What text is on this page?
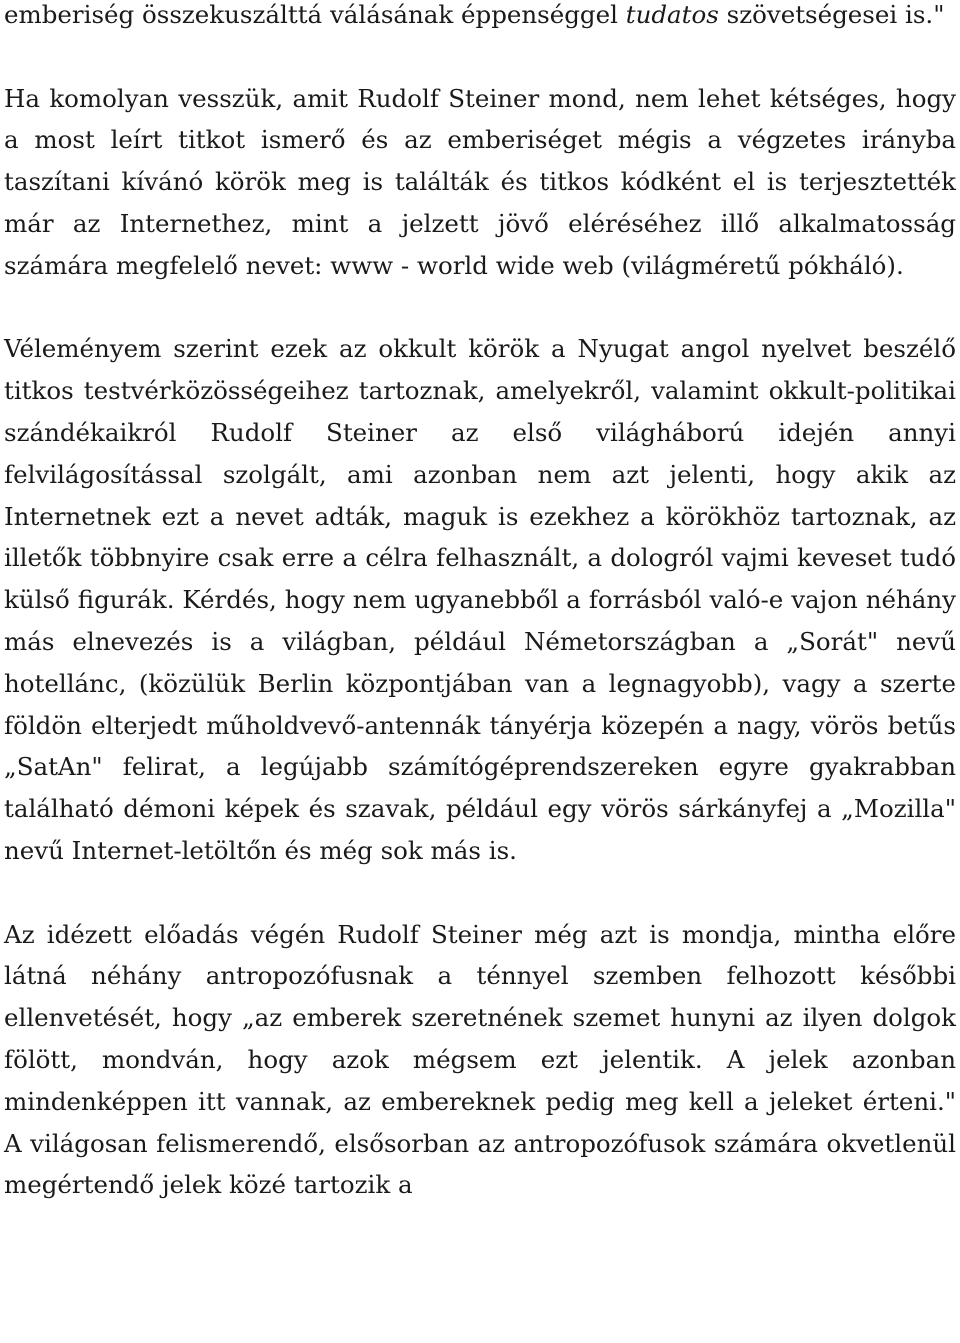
emberiség összekuszálttá válásának éppenséggel tudatos szövetségesei is."

Ha komolyan vesszük, amit Rudolf Steiner mond, nem lehet kétséges, hogy a most leírt titkot ismerő és az emberiséget mégis a végzetes irányba taszítani kívánó körök meg is találták és titkos kódként el is terjesztették már az Internethez, mint a jelzett jövő eléréséhez illő alkalmatosság számára megfelelő nevet: www - world wide web (világméretű pókháló).

Véleményem szerint ezek az okkult körök a Nyugat angol nyelvet beszélő titkos testvérközösségeihez tartoznak, amelyekről, valamint okkult-politikai szándékaikról Rudolf Steiner az első világháború idején annyi felvilágosítással szolgált, ami azonban nem azt jelenti, hogy akik az Internetnek ezt a nevet adták, maguk is ezekhez a körökhöz tartoznak, az illetők többnyire csak erre a célra felhasznált, a dologról vajmi keveset tudó külső figurák. Kérdés, hogy nem ugyanebből a forrásból való-e vajon néhány más elnevezés is a világban, például Németországban a „Sorát" nevű hotellánc, (közülük Berlin központjában van a legnagyobb), vagy a szerte földön elterjedt műholdvevő-antennák tányérja közepén a nagy, vörös betűs „SatAn" felirat, a legújabb számítógéprendszereken egyre gyakrabban található démoni képek és szavak, például egy vörös sárkányfej a „Mozilla" nevű Internet-letöltőn és még sok más is.

Az idézett előadás végén Rudolf Steiner még azt is mondja, mintha előre látná néhány antropozófusnak a ténnyel szemben felhozott későbbi ellenvetését, hogy „az emberek szeretnének szemet hunyni az ilyen dolgok fölött, mondván, hogy azok mégsem ezt jelentik. A jelek azonban mindenképpen itt vannak, az embereknek pedig meg kell a jeleket érteni." A világosan felismerendő, elsősorban az antropozófusok számára okvetlenül megértendő jelek közé tartozik a
